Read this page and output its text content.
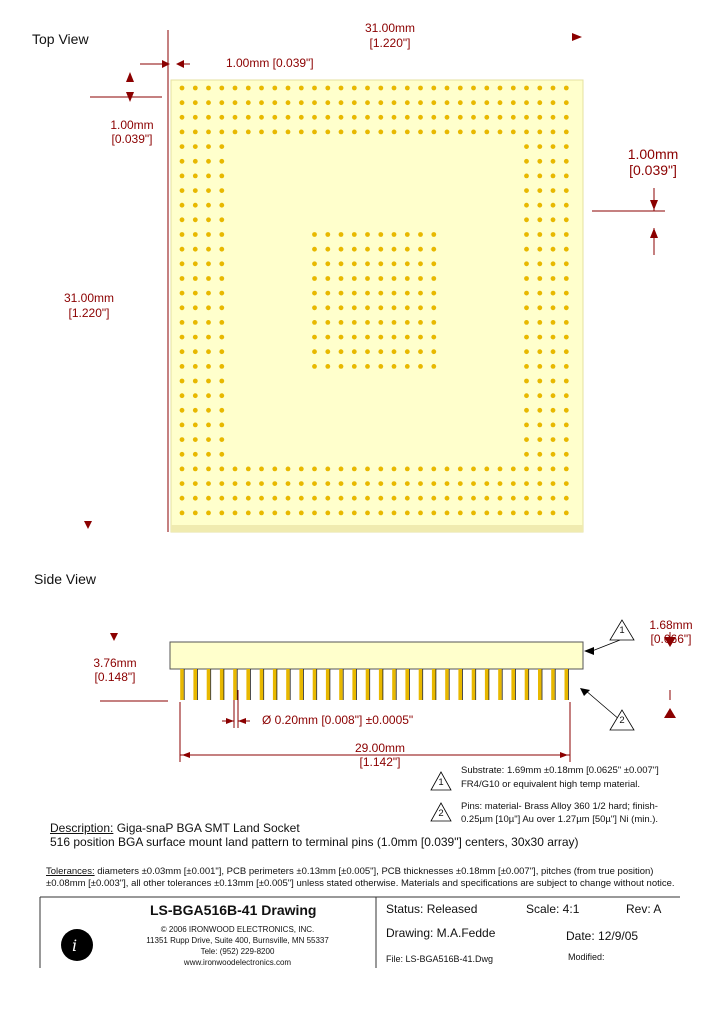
i
Top View
Side View
31.00mm
[1.220"]
1.00mm [0.039"]
1.00mm
[0.039"]
1.00mm
[0.039"]
31.00mm
[1.220"]
1.68mm
[0.066"]
3.76mm
[0.148"]
Ø 0.20mm [0.008"] ±0.0005"
29.00mm
[1.142"]
1
2
1
2
Substrate: 1.69mm ±0.18mm [0.0625" ±0.007"]
FR4/G10 or equivalent high temp material.
Pins: material- Brass Alloy 360 1/2 hard; finish-
0.25µm [10µ"] Au over 1.27µm [50µ"] Ni (min.).
Description: Giga-snaP BGA SMT Land Socket
516 position BGA surface mount land pattern to terminal pins (1.0mm [0.039"] centers, 30x30 array)
Tolerances: diameters ±0.03mm [±0.001"], PCB perimeters ±0.13mm [±0.005"], PCB thicknesses ±0.18mm [±0.007"], pitches (from true position)
±0.08mm [±0.003"], all other tolerances ±0.13mm [±0.005"] unless stated otherwise. Materials and specifications are subject to change without notice.
LS-BGA516B-41 Drawing
© 2006 IRONWOOD ELECTRONICS, INC.
11351 Rupp Drive, Suite 400, Burnsville, MN 55337
Tele: (952) 229-8200
www.ironwoodelectronics.com
Status: Released	Scale: 4:1	Rev: A
Drawing: M.A.Fedde	Date: 12/9/05
File: LS-BGA516B-41.Dwg	Modified:
